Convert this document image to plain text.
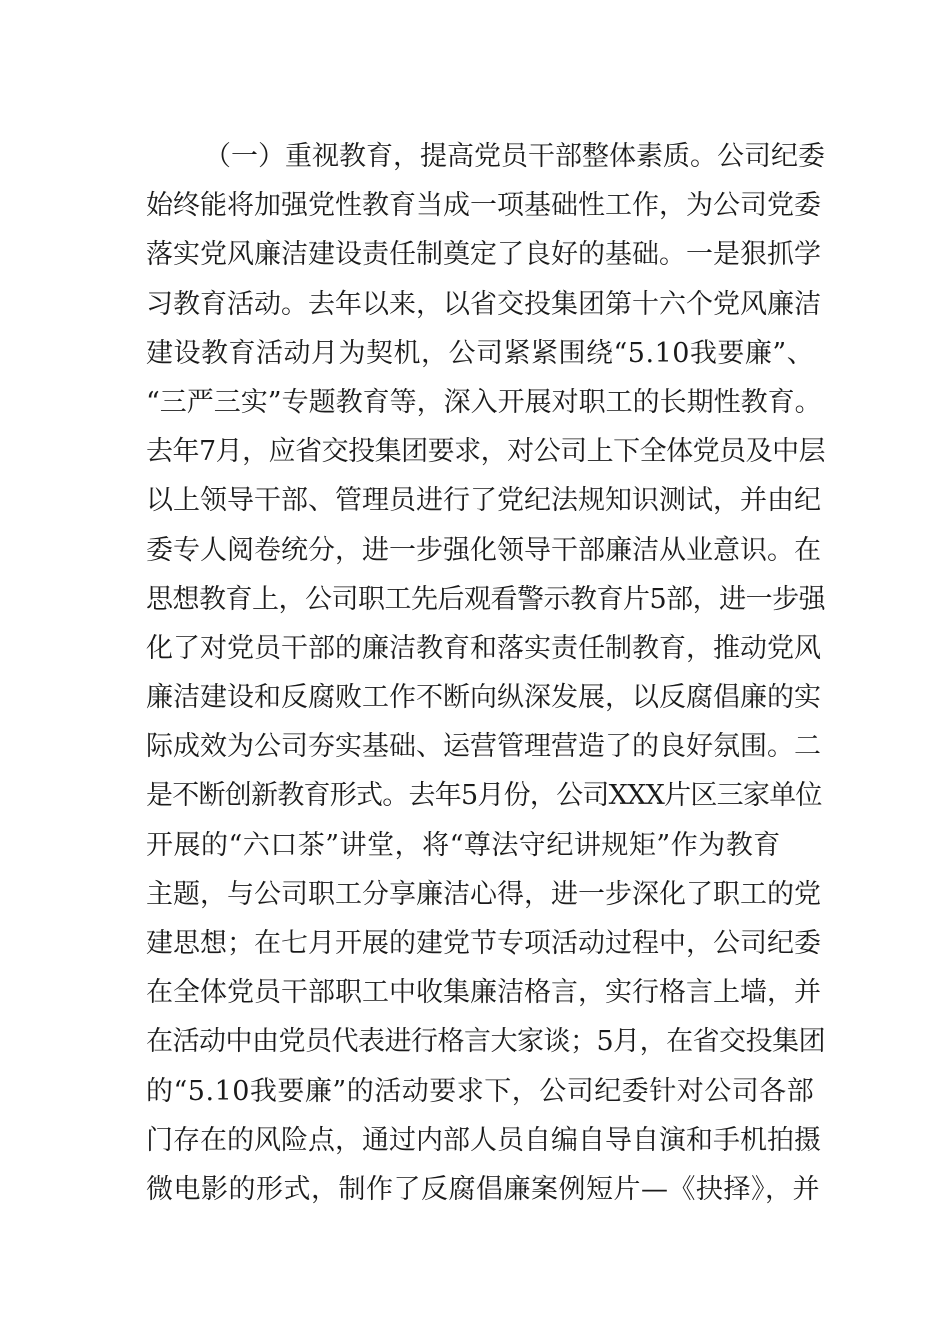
（一）重视教育，提高党员干部整体素质。公司纪委
始终能将加强党性教育当成一项基础性工作，为公司党委
落实党风廉洁建设责任制奠定了良好的基础。一是狠抓学
习教育活动。去年以来，以省交投集团第十六个党风廉洁
建设教育活动月为契机，公司紧紧围绕“5.10我要廉”、
“三严三实”专题教育等，深入开展对职工的长期性教育。
去年7月，应省交投集团要求，对公司上下全体党员及中层
以上领导干部、管理员进行了党纪法规知识测试，并由纪
委专人阅卷统分，进一步强化领导干部廉洁从业意识。在
思想教育上，公司职工先后观看警示教育片5部，进一步强
化了对党员干部的廉洁教育和落实责任制教育，推动党风
廉洁建设和反腐败工作不断向纵深发展，以反腐倡廉的实
际成效为公司夯实基础、运营管理营造了的良好氛围。二
是不断创新教育形式。去年5月份，公司XXX片区三家单位
开展的“六口茶”讲堂，将“尊法守纪讲规矩”作为教育
主题，与公司职工分享廉洁心得，进一步深化了职工的党
建思想；在七月开展的建党节专项活动过程中，公司纪委
在全体党员干部职工中收集廉洁格言，实行格言上墙，并
在活动中由党员代表进行格言大家谈；5月，在省交投集团
的“5.10我要廉”的活动要求下，公司纪委针对公司各部
门存在的风险点，通过内部人员自编自导自演和手机拍摄
微电影的形式，制作了反腐倡廉案例短片—《抉择》，并
